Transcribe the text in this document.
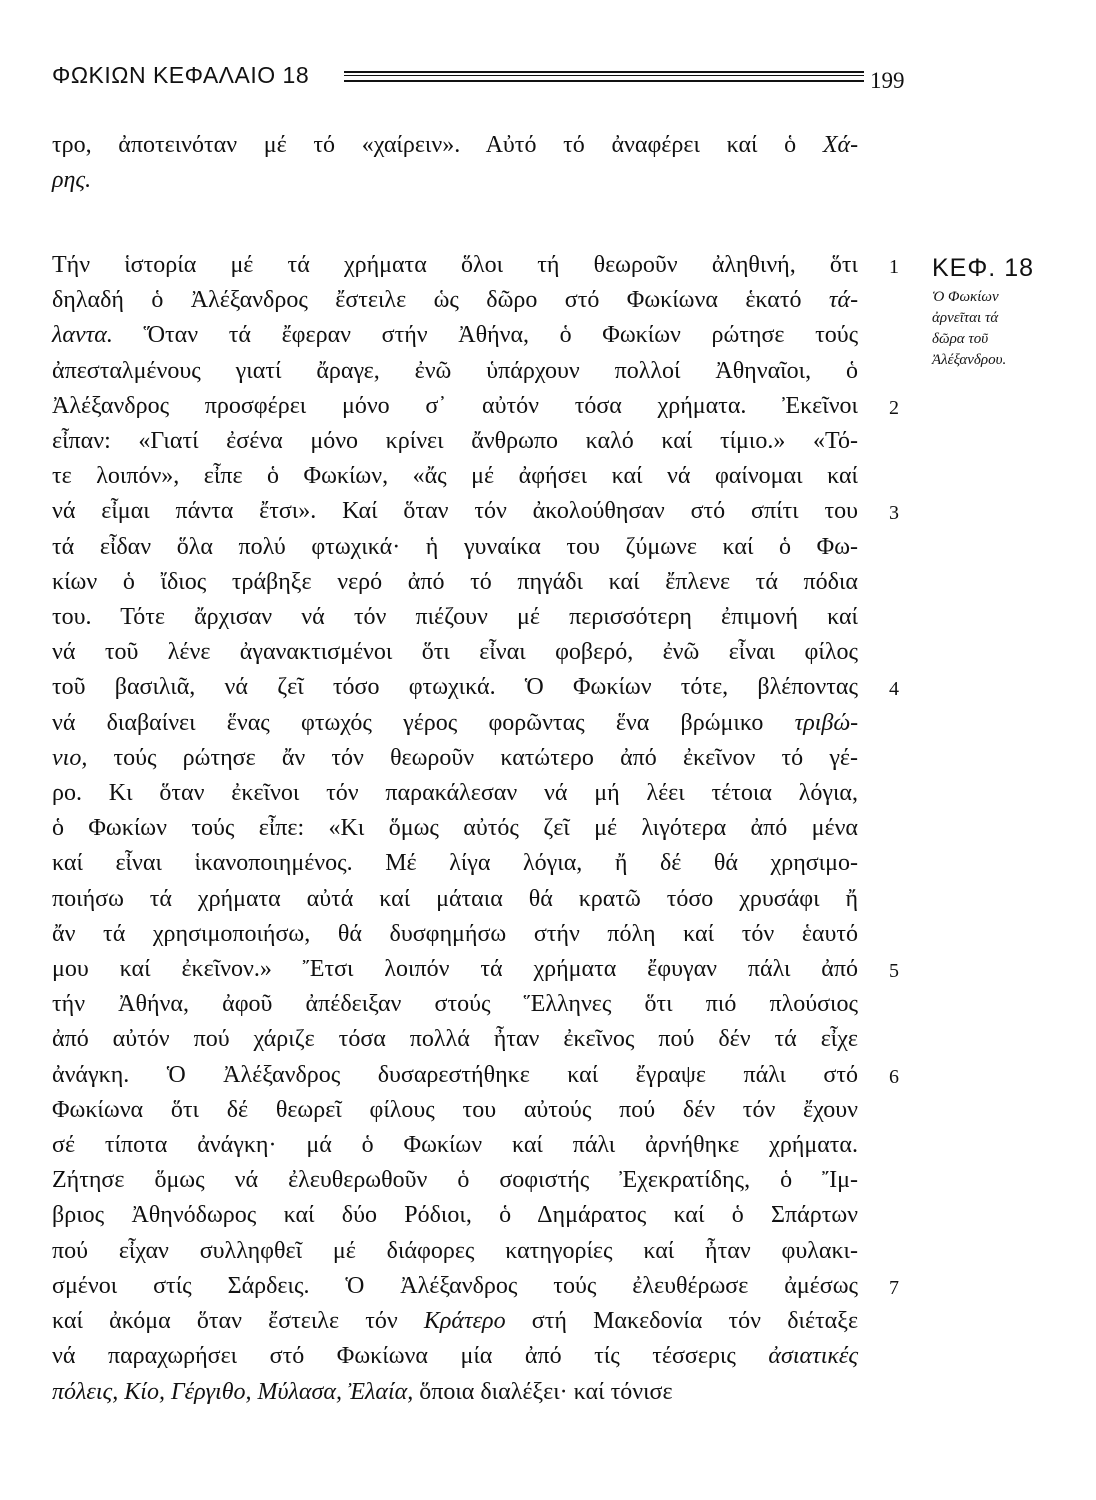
ΦΩΚΙΩΝ ΚΕΦΑΛΑΙΟ 18	199
τρο, ἀποτεινόταν μέ τό «χαίρειν». Αὐτό τό ἀναφέρει καί ὁ Χά-
ρης.
Τήν ἱστορία μέ τά χρήματα ὅλοι τή θεωροῦν ἀληθινή, ὅτι
δηλαδή ὁ Ἀλέξανδρος ἔστειλε ὡς δῶρο στό Φωκίωνα ἑκατό τά-
λαντα. Ὅταν τά ἔφεραν στήν Ἀθήνα, ὁ Φωκίων ρώτησε τούς
ἀπεσταλμένους γιατί ἄραγε, ἐνῶ ὑπάρχουν πολλοί Ἀθηναῖοι, ὁ
Ἀλέξανδρος προσφέρει μόνο σ᾽ αὐτόν τόσα χρήματα. Ἐκεῖνοι
εἶπαν: «Γιατί ἐσένα μόνο κρίνει ἄνθρωπο καλό καί τίμιο.» «Τό-
τε λοιπόν», εἶπε ὁ Φωκίων, «ἄς μέ ἀφήσει καί νά φαίνομαι καί
νά εἶμαι πάντα ἔτσι». Καί ὅταν τόν ἀκολούθησαν στό σπίτι του
τά εἶδαν ὅλα πολύ φτωχικά· ἡ γυναίκα του ζύμωνε καί ὁ Φω-
κίων ὁ ἴδιος τράβηξε νερό ἀπό τό πηγάδι καί ἔπλενε τά πόδια
του. Τότε ἄρχισαν νά τόν πιέζουν μέ περισσότερη ἐπιμονή καί
νά τοῦ λένε ἀγανακτισμένοι ὅτι εἶναι φοβερό, ἐνῶ εἶναι φίλος
τοῦ βασιλιᾶ, νά ζεῖ τόσο φτωχικά. Ὁ Φωκίων τότε, βλέποντας
νά διαβαίνει ἕνας φτωχός γέρος φορῶντας ἕνα βρώμικο τριβώ-
νιο, τούς ρώτησε ἄν τόν θεωροῦν κατώτερο ἀπό ἐκεῖνον τό γέ-
ρο. Κι ὅταν ἐκεῖνοι τόν παρακάλεσαν νά μή λέει τέτοια λόγια,
ὁ Φωκίων τούς εἶπε: «Κι ὅμως αὐτός ζεῖ μέ λιγότερα ἀπό μένα
καί εἶναι ἱκανοποιημένος. Μέ λίγα λόγια, ἤ δέ θά χρησιμο-
ποιήσω τά χρήματα αὐτά καί μάταια θά κρατῶ τόσο χρυσάφι ἤ
ἄν τά χρησιμοποιήσω, θά δυσφημήσω στήν πόλη καί τόν ἑαυτό
μου καί ἐκεῖνον.» Ἔτσι λοιπόν τά χρήματα ἔφυγαν πάλι ἀπό
τήν Ἀθήνα, ἀφοῦ ἀπέδειξαν στούς Ἕλληνες ὅτι πιό πλούσιος
ἀπό αὐτόν πού χάριζε τόσα πολλά ἦταν ἐκεῖνος πού δέν τά εἶχε
ἀνάγκη. Ὁ Ἀλέξανδρος δυσαρεστήθηκε καί ἔγραψε πάλι στό
Φωκίωνα ὅτι δέ θεωρεῖ φίλους του αὐτούς πού δέν τόν ἔχουν
σέ τίποτα ἀνάγκη· μά ὁ Φωκίων καί πάλι ἀρνήθηκε χρήματα.
Ζήτησε ὅμως νά ἐλευθερωθοῦν ὁ σοφιστής Ἐχεκρατίδης, ὁ Ἴμ-
βριος Ἀθηνόδωρος καί δύο Ρόδιοι, ὁ Δημάρατος καί ὁ Σπάρτων
πού εἶχαν συλληφθεῖ μέ διάφορες κατηγορίες καί ἦταν φυλακι-
σμένοι στίς Σάρδεις. Ὁ Ἀλέξανδρος τούς ἐλευθέρωσε ἀμέσως
καί ἀκόμα ὅταν ἔστειλε τόν Κράτερο στή Μακεδονία τόν διέταξε
νά παραχωρήσει στό Φωκίωνα μία ἀπό τίς τέσσερις ἀσιατικές
πόλεις, Κίο, Γέργιθο, Μύλασα, Ἐλαία, ὅποια διαλέξει· καί τόνισε
1
2
3
4
5
6
7
ΚΕΦ. 18
Ὁ Φωκίων
ἀρνεῖται τά
δῶρα τοῦ
Ἀλέξανδρου.
